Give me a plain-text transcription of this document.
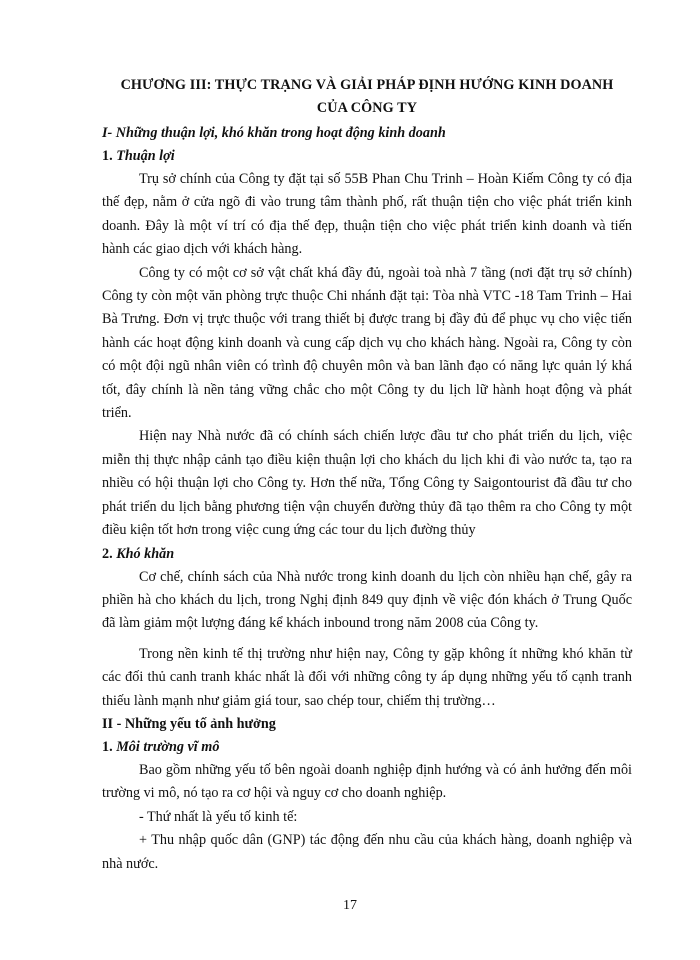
CHƯƠNG III: THỰC TRẠNG VÀ GIẢI PHÁP ĐỊNH HƯỚNG KINH DOANH
CỦA CÔNG TY
I- Những thuận lợi, khó khăn trong hoạt động kinh doanh
1. Thuận lợi

Trụ sở chính của Công ty đặt tại số 55B Phan Chu Trinh – Hoàn Kiếm Công ty có địa thế đẹp, nằm ở cửa ngõ đi vào trung tâm thành phố, rất thuận tiện cho việc phát triển kinh doanh. Đây là một ví trí có địa thế đẹp, thuận tiện cho việc phát triển kinh doanh và tiến hành các giao dịch với khách hàng.

Công ty có một cơ sở vật chất khá đầy đủ, ngoài toà nhà 7 tầng (nơi đặt trụ sở chính) Công ty còn một văn phòng trực thuộc Chi nhánh đặt tại: Tòa nhà VTC -18 Tam Trinh – Hai Bà Trưng. Đơn vị trực thuộc với trang thiết bị được trang bị đầy đủ để phục vụ cho việc tiến hành các hoạt động kinh doanh và cung cấp dịch vụ cho khách hàng. Ngoài ra, Công ty còn có một đội ngũ nhân viên có trình độ chuyên môn và ban lãnh đạo có năng lực quản lý khá tốt, đây chính là nền tảng vững chắc cho một Công ty du lịch lữ hành hoạt động và phát triển.

Hiện nay Nhà nước đã có chính sách chiến lược đầu tư cho phát triển du lịch, việc miễn thị thực nhập cảnh tạo điều kiện thuận lợi cho khách du lịch khi đi vào nước ta, tạo ra nhiều có hội thuận lợi cho Công ty. Hơn thế nữa, Tổng Công ty Saigontourist đã đầu tư cho phát triển du lịch bằng phương tiện vận chuyển đường thủy đã tạo thêm ra cho Công ty một điều kiện tốt hơn trong việc cung ứng các tour du lịch đường thủy

2. Khó khăn

Cơ chế, chính sách của Nhà nước trong kinh doanh du lịch còn nhiều hạn chế, gây ra phiền hà cho khách du lịch, trong Nghị định 849 quy định về việc đón khách ở Trung Quốc đã làm giảm một lượng đáng kể khách inbound trong năm 2008 của Công ty.

Trong nền kinh tế thị trường như hiện nay, Công ty gặp không ít những khó khăn từ các đối thủ canh tranh khác nhất là đối với những công ty áp dụng những yếu tố cạnh tranh thiếu lành mạnh như giảm giá tour, sao chép tour, chiếm thị trường…

II - Những yếu tố ảnh hưởng
1. Môi trường vĩ mô

Bao gồm những yếu tố bên ngoài doanh nghiệp định hướng và có ảnh hưởng đến môi trường vi mô, nó tạo ra cơ hội và nguy cơ cho doanh nghiệp.

- Thứ nhất là yếu tố kinh tế:

+ Thu nhập quốc dân (GNP) tác động đến nhu cầu của khách hàng, doanh nghiệp và nhà nước.

17
